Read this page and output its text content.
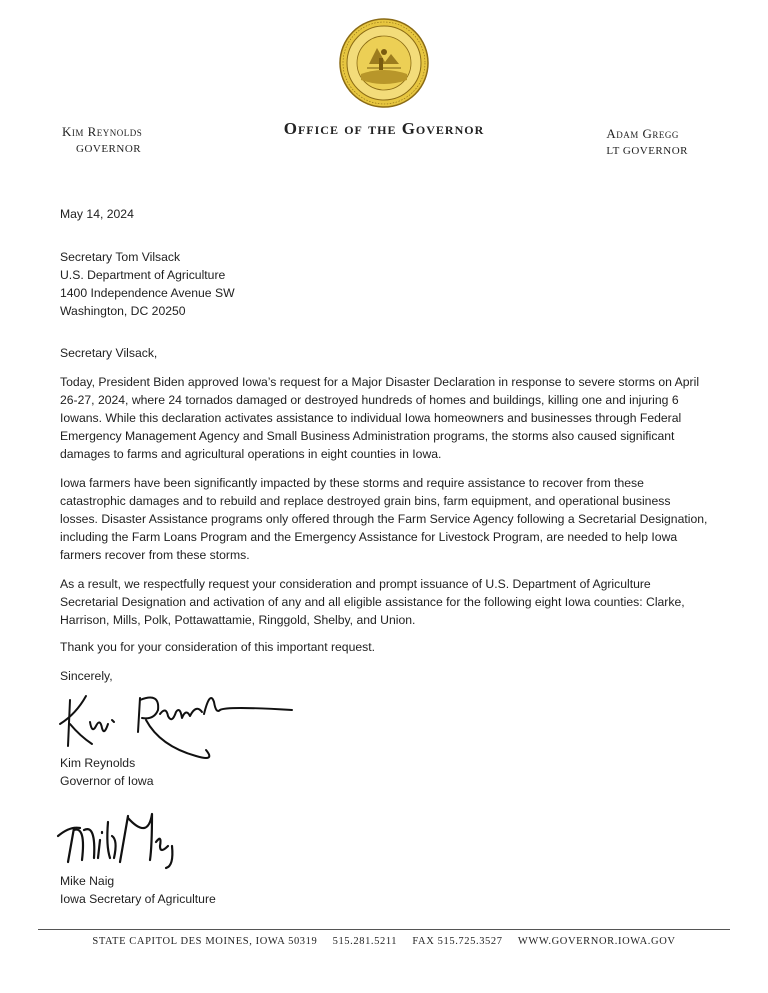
Kim Reynolds
GOVERNOR
Office of the Governor	Adam Gregg
LT GOVERNOR
May 14, 2024
Secretary Tom Vilsack
U.S. Department of Agriculture
1400 Independence Avenue SW
Washington, DC 20250
Secretary Vilsack,

Today, President Biden approved Iowa’s request for a Major Disaster Declaration in response to severe storms on April 26-27, 2024, where 24 tornados damaged or destroyed hundreds of homes and buildings, killing one and injuring 6 Iowans. While this declaration activates assistance to individual Iowa homeowners and businesses through Federal Emergency Management Agency and Small Business Administration programs, the storms also caused significant damages to farms and agricultural operations in eight counties in Iowa.

Iowa farmers have been significantly impacted by these storms and require assistance to recover from these catastrophic damages and to rebuild and replace destroyed grain bins, farm equipment, and operational business losses. Disaster Assistance programs only offered through the Farm Service Agency following a Secretarial Designation, including the Farm Loans Program and the Emergency Assistance for Livestock Program, are needed to help Iowa farmers recover from these storms.

As a result, we respectfully request your consideration and prompt issuance of U.S. Department of Agriculture Secretarial Designation and activation of any and all eligible assistance for the following eight Iowa counties: Clarke, Harrison, Mills, Polk, Pottawattamie, Ringgold, Shelby, and Union.

Thank you for your consideration of this important request.

Sincerely,
Kim Reynolds
Governor of Iowa
Mike Naig
Iowa Secretary of Agriculture
STATE CAPITOL DES MOINES, IOWA 50319 515.281.5211 FAX 515.725.3527 WWW.GOVERNOR.IOWA.GOV
